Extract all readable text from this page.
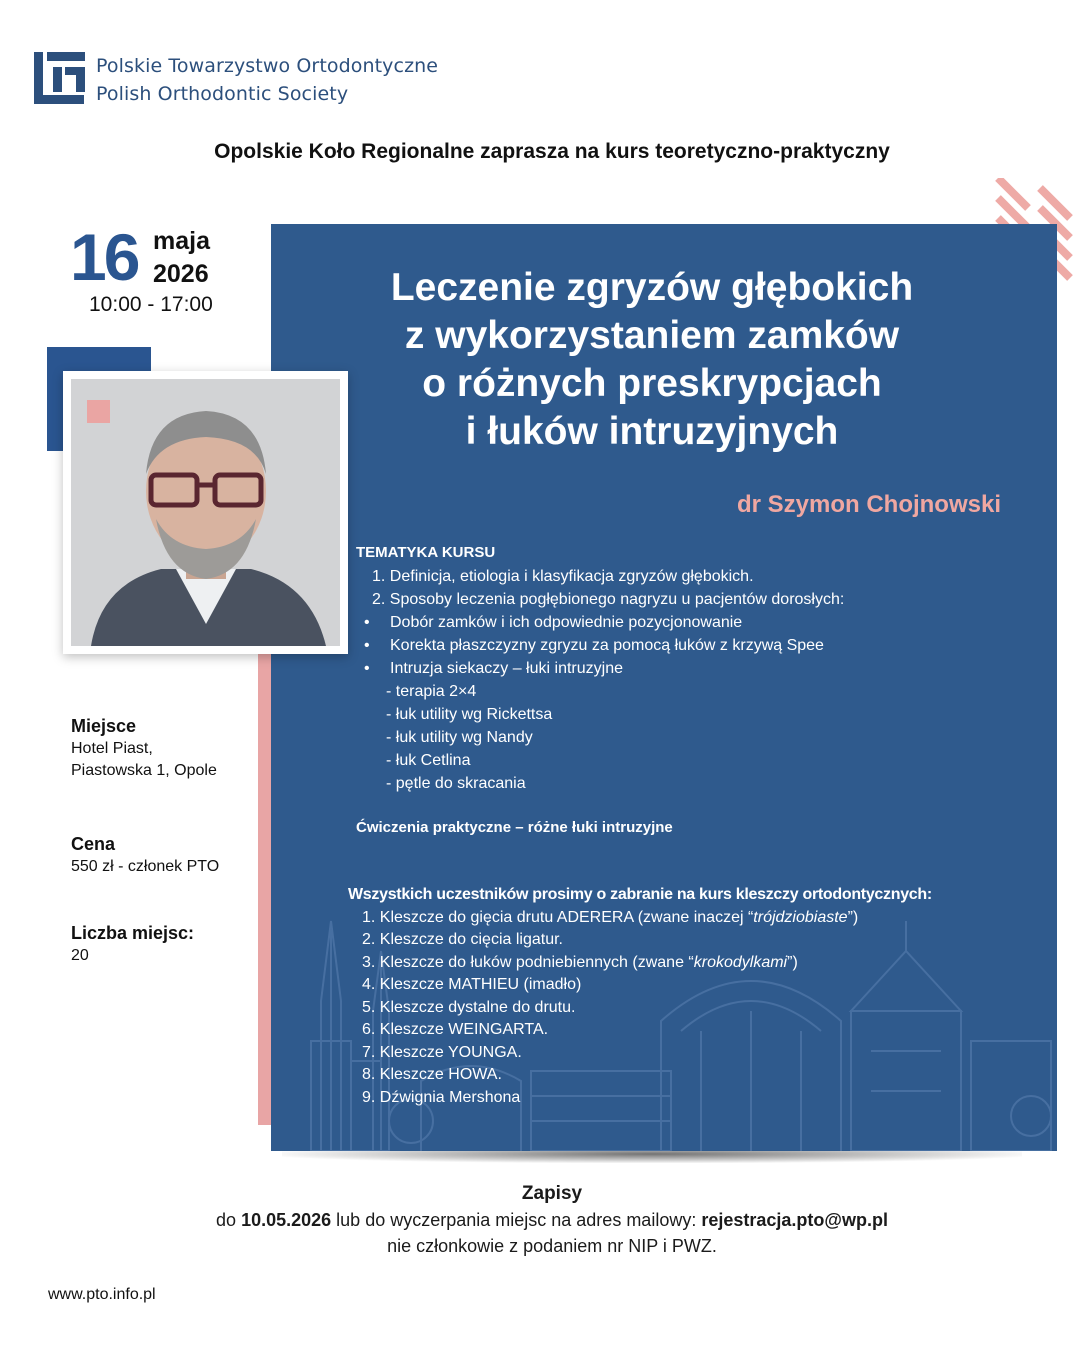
Polskie Towarzystwo Ortodontyczne
Polish Orthodontic Society
Opolskie Koło Regionalne zaprasza na kurs teoretyczno-praktyczny
16 maja
2026
10:00 - 17:00	Leczenie zgryzów głębokich
z wykorzystaniem zamków
o różnych preskrypcjach
i łuków intruzyjnych
dr Szymon Chojnowski
TEMATYKA KURSU
1. Definicja, etiologia i klasyfikacja zgryzów głębokich.
2. Sposoby leczenia pogłębionego nagryzu u pacjentów dorosłych:
• Dobór zamków i ich odpowiednie pozycjonowanie
• Korekta płaszczyzny zgryzu za pomocą łuków z krzywą Spee
• Intruzja siekaczy – łuki intruzyjne
- terapia 2×4
- łuk utility wg Rickettsa
- łuk utility wg Nandy
- łuk Cetlina
- pętle do skracania
Ćwiczenia praktyczne – różne łuki intruzyjne
Wszystkich uczestników prosimy o zabranie na kurs kleszczy ortodontycznych:
1. Kleszcze do gięcia drutu ADERERA (zwane inaczej “trójdziobiaste”)
2. Kleszcze do cięcia ligatur.
3. Kleszcze do łuków podniebiennych (zwane “krokodylkami”)
4. Kleszcze MATHIEU (imadło)
5. Kleszcze dystalne do drutu.
6. Kleszcze WEINGARTA.
7. Kleszcze YOUNGA.
8. Kleszcze HOWA.
9. Dźwignia Mershona
Miejsce
Hotel Piast,
Piastowska 1, Opole
Cena
550 zł - członek PTO
Liczba miejsc:
20
Zapisy
do 10.05.2026 lub do wyczerpania miejsc na adres mailowy: rejestracja.pto@wp.pl
nie członkowie z podaniem nr NIP i PWZ.
www.pto.info.pl
